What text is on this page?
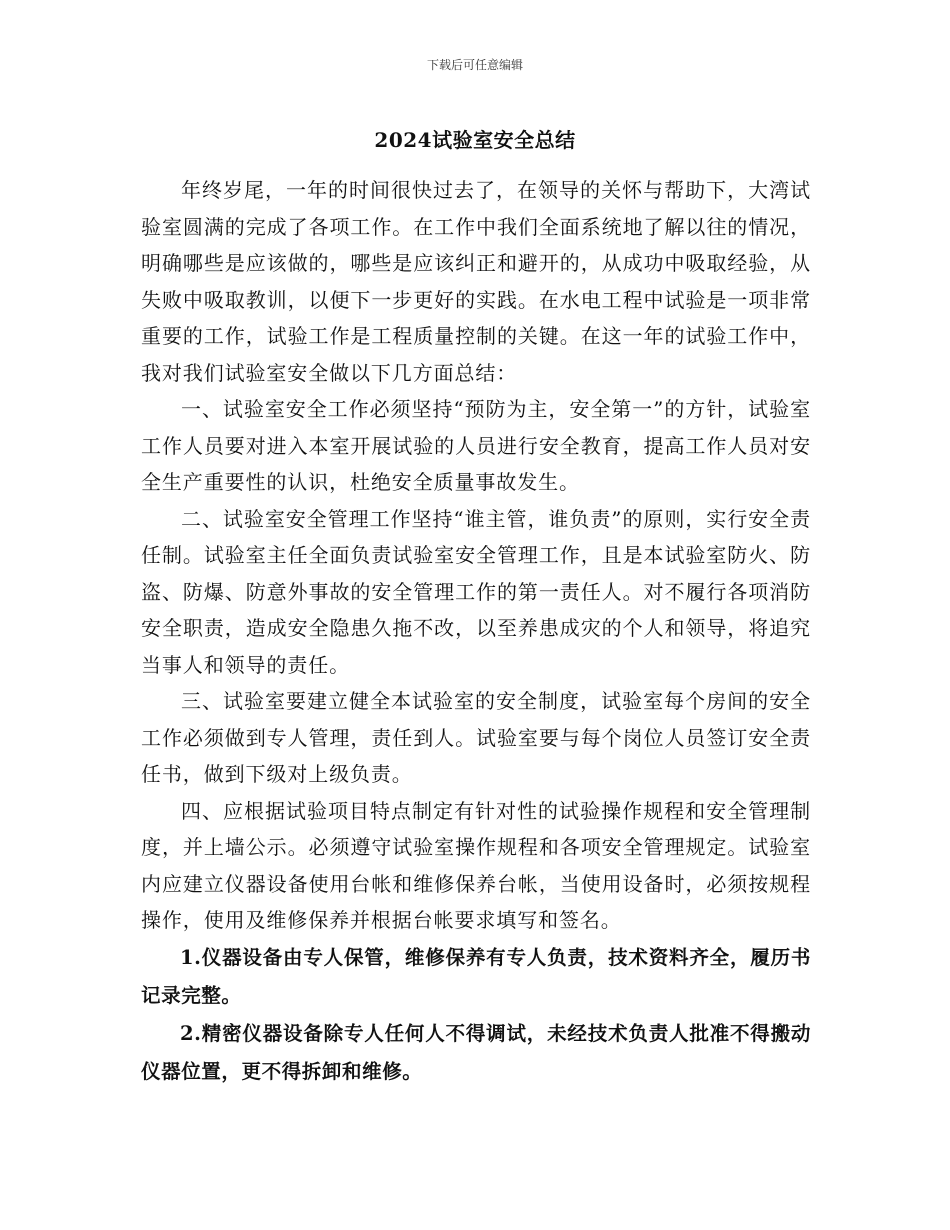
下载后可任意编辑
2024试验室安全总结

年终岁尾，一年的时间很快过去了，在领导的关怀与帮助下，大湾试验室圆满的完成了各项工作。在工作中我们全面系统地了解以往的情况，明确哪些是应该做的，哪些是应该纠正和避开的，从成功中吸取经验，从失败中吸取教训，以便下一步更好的实践。在水电工程中试验是一项非常重要的工作，试验工作是工程质量控制的关键。在这一年的试验工作中，我对我们试验室安全做以下几方面总结：

一、试验室安全工作必须坚持“预防为主，安全第一”的方针，试验室工作人员要对进入本室开展试验的人员进行安全教育，提高工作人员对安全生产重要性的认识，杜绝安全质量事故发生。

二、试验室安全管理工作坚持“谁主管，谁负责”的原则，实行安全责任制。试验室主任全面负责试验室安全管理工作，且是本试验室防火、防盗、防爆、防意外事故的安全管理工作的第一责任人。对不履行各项消防安全职责，造成安全隐患久拖不改，以至养患成灾的个人和领导，将追究当事人和领导的责任。

三、试验室要建立健全本试验室的安全制度，试验室每个房间的安全工作必须做到专人管理，责任到人。试验室要与每个岗位人员签订安全责任书，做到下级对上级负责。

四、应根据试验项目特点制定有针对性的试验操作规程和安全管理制度，并上墙公示。必须遵守试验室操作规程和各项安全管理规定。试验室内应建立仪器设备使用台帐和维修保养台帐，当使用设备时，必须按规程操作，使用及维修保养并根据台帐要求填写和签名。

1.仪器设备由专人保管，维修保养有专人负责，技术资料齐全，履历书记录完整。

2.精密仪器设备除专人任何人不得调试，未经技术负责人批准不得搬动仪器位置，更不得拆卸和维修。
